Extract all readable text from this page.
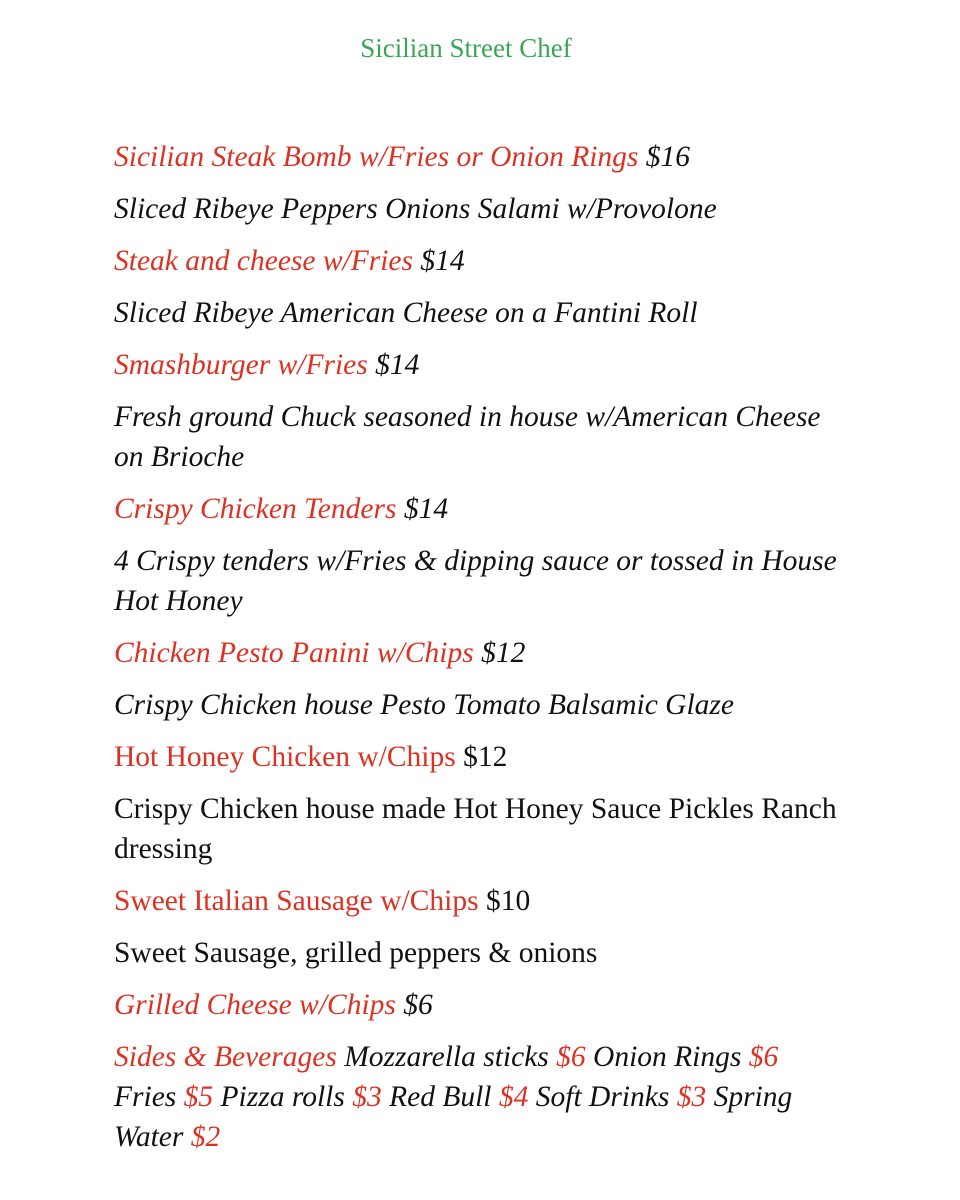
Sicilian Street Chef
Sicilian Steak Bomb w/Fries or Onion Rings $16
Sliced Ribeye Peppers Onions Salami w/Provolone
Steak and cheese w/Fries $14
Sliced Ribeye American Cheese on a Fantini Roll
Smashburger w/Fries $14
Fresh ground Chuck seasoned in house w/American Cheese on Brioche
Crispy Chicken Tenders $14
4 Crispy tenders w/Fries & dipping sauce or tossed in House Hot Honey
Chicken Pesto Panini w/Chips $12
Crispy Chicken house Pesto Tomato Balsamic Glaze
Hot Honey Chicken w/Chips $12
Crispy Chicken house made Hot Honey Sauce Pickles Ranch dressing
Sweet Italian Sausage w/Chips $10
Sweet Sausage, grilled peppers & onions
Grilled Cheese w/Chips $6
Sides & Beverages Mozzarella sticks $6 Onion Rings $6 Fries $5 Pizza rolls $3 Red Bull $4 Soft Drinks $3 Spring Water $2
